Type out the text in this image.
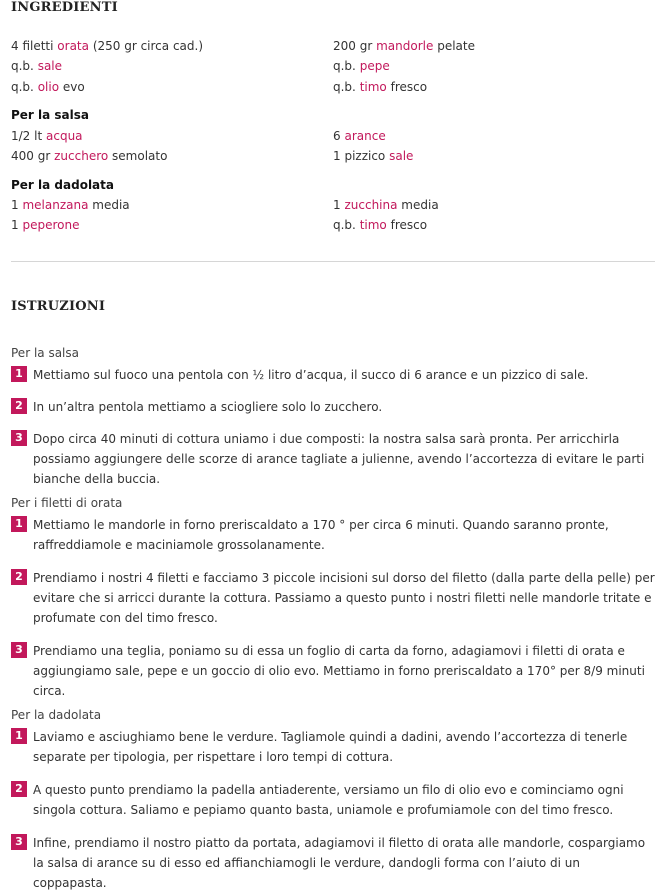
INGREDIENTI
4 filetti orata (250 gr circa cad.)	200 gr mandorle pelate
q.b. sale	q.b. pepe
q.b. olio evo	q.b. timo fresco
Per la salsa
1/2 lt acqua	6 arance
400 gr zucchero semolato	1 pizzico sale
Per la dadolata
1 melanzana media	1 zucchina media
1 peperone	q.b. timo fresco
ISTRUZIONI
Per la salsa
1 Mettiamo sul fuoco una pentola con ½ litro d’acqua, il succo di 6 arance e un pizzico di sale.
2 In un’altra pentola mettiamo a sciogliere solo lo zucchero.
3 Dopo circa 40 minuti di cottura uniamo i due composti: la nostra salsa sarà pronta. Per arricchirla possiamo aggiungere delle scorze di arance tagliate a julienne, avendo l’accortezza di evitare le parti bianche della buccia.
Per i filetti di orata
1 Mettiamo le mandorle in forno preriscaldato a 170 ° per circa 6 minuti. Quando saranno pronte, raffreddiamole e maciniamole grossolanamente.
2 Prendiamo i nostri 4 filetti e facciamo 3 piccole incisioni sul dorso del filetto (dalla parte della pelle) per evitare che si arricci durante la cottura. Passiamo a questo punto i nostri filetti nelle mandorle tritate e profumate con del timo fresco.
3 Prendiamo una teglia, poniamo su di essa un foglio di carta da forno, adagiamovi i filetti di orata e aggiungiamo sale, pepe e un goccio di olio evo. Mettiamo in forno preriscaldato a 170° per 8/9 minuti circa.
Per la dadolata
1 Laviamo e asciughiamo bene le verdure. Tagliamole quindi a dadini, avendo l’accortezza di tenerle separate per tipologia, per rispettare i loro tempi di cottura.
2 A questo punto prendiamo la padella antiaderente, versiamo un filo di olio evo e cominciamo ogni singola cottura. Saliamo e pepiamo quanto basta, uniamole e profumiamole con del timo fresco.
3 Infine, prendiamo il nostro piatto da portata, adagiamovi il filetto di orata alle mandorle, cospargiamo la salsa di arance su di esso ed affianchiamogli le verdure, dandogli forma con l’aiuto di un coppapasta.
